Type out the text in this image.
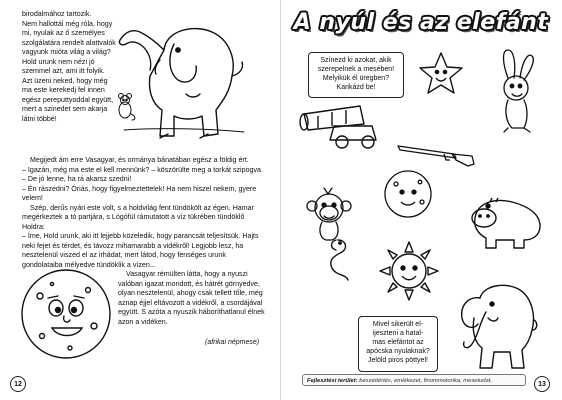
birodalmához tartozik.

Nem hallottál még róla, hogy mi, nyulak az ő személyes szolgálatára rendelt alattvalók vagyunk mióta világ a világ? Hold urunk nem nézi jó szemmel azt, ami itt folyik. Azt üzeni neked, hogy még ma este kerekedj fel innen egész pereputtyoddal együtt, mert a szinedet sem akarja látni többé!

Megijedt ám erre Vasagyar, és ormánya bánatában egész a földig ért.

– Igazán, még ma este el kell mennünk? – köszörülte meg a torkát szipogva. – De jó lenne, ha rá akarsz szedni!

– Én rászedni? Óriás, hogy figyelmeztettelek! Ha nem hiszel nekem, gyere velem!

Szép, derűs nyári este volt, s a holdvilág fent tündökölt az égen. Hamar megérkeztek a tó partjára, s Lógófül rámutatott a víz tükrében tündöklő Holdra:

– Íme, Hold urunk, aki itt lejjebb közeledik, hogy parancsát teljesítsük. Hajts neki fejet és térdet, és távozz mihamarabb a vidékről! Legjobb lesz, ha nesztelenül viszed el az irhádat, mert látod, hogy fenséges urunk gondolataiba mélyedve tündöklik a vízen...

Vasagyar rémülten látta, hogy a nyuszi valóban igazat mondott, és hátrét görnyedve, olyan nesztelenül, ahogy csak tellett tőle, még aznap éjjel eltávozott a vidékről, a csordájával együtt. S azóta a nyuszik háboríthatlanul élnek azon a vidéken.

(afrikai népmese)
12
A nyúl és az elefánt

Színezd ki azokat, akik

szerepelnek a mesében!

Melyikük él üregben?

Karikázd be!

Mivel sikerült el-

ijeszteni a hatal-

mas elefántot az

apócska nyulaknak?

Jelöld piros pöttyel!

Fejlesztési terület: beszédértés, emlékezet, finommotorika, mesetudat,	13
